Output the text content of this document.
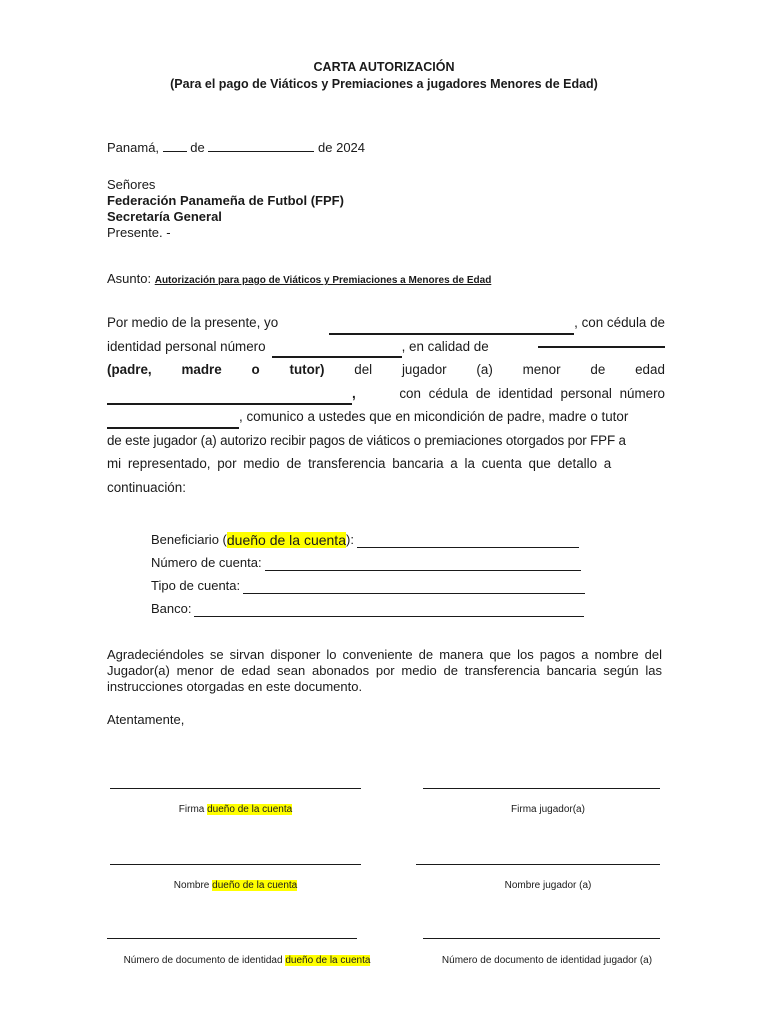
CARTA AUTORIZACIÓN
(Para el pago de Viáticos y Premiaciones a jugadores Menores de Edad)
Panamá, de	de 2024
Señores
Federación Panameña de Futbol (FPF)
Secretaría General
Presente. -
Asunto: Autorización para pago de Viáticos y Premiaciones a Menores de Edad
Por medio de la presente, yo	, con cédula de
identidad personal número	, en calidad de
(padre, madre o tutor) del jugador (a) menor de edad
,	con cédula de identidad personal número
, comunico a ustedes que en micondición de padre, madre o tutor
de este jugador (a) autorizo recibir pagos de viáticos o premiaciones otorgados por FPF a
mi representado, por medio de transferencia bancaria a la cuenta que detallo a
continuación:
Beneficiario ( dueño de la cuenta ):
Número de cuenta:
Tipo de cuenta:
Banco:
Agradeciéndoles se sirvan disponer lo conveniente de manera que los pagos a nombre del Jugador(a) menor de edad sean abonados por medio de transferencia bancaria según las instrucciones otorgadas en este documento.
Atentamente,
Firma dueño de la cuenta	Firma jugador(a)
Nombre dueño de la cuenta	Nombre jugador (a)
Número de documento de identidad dueño de la cuenta	Número de documento de identidad jugador (a)
